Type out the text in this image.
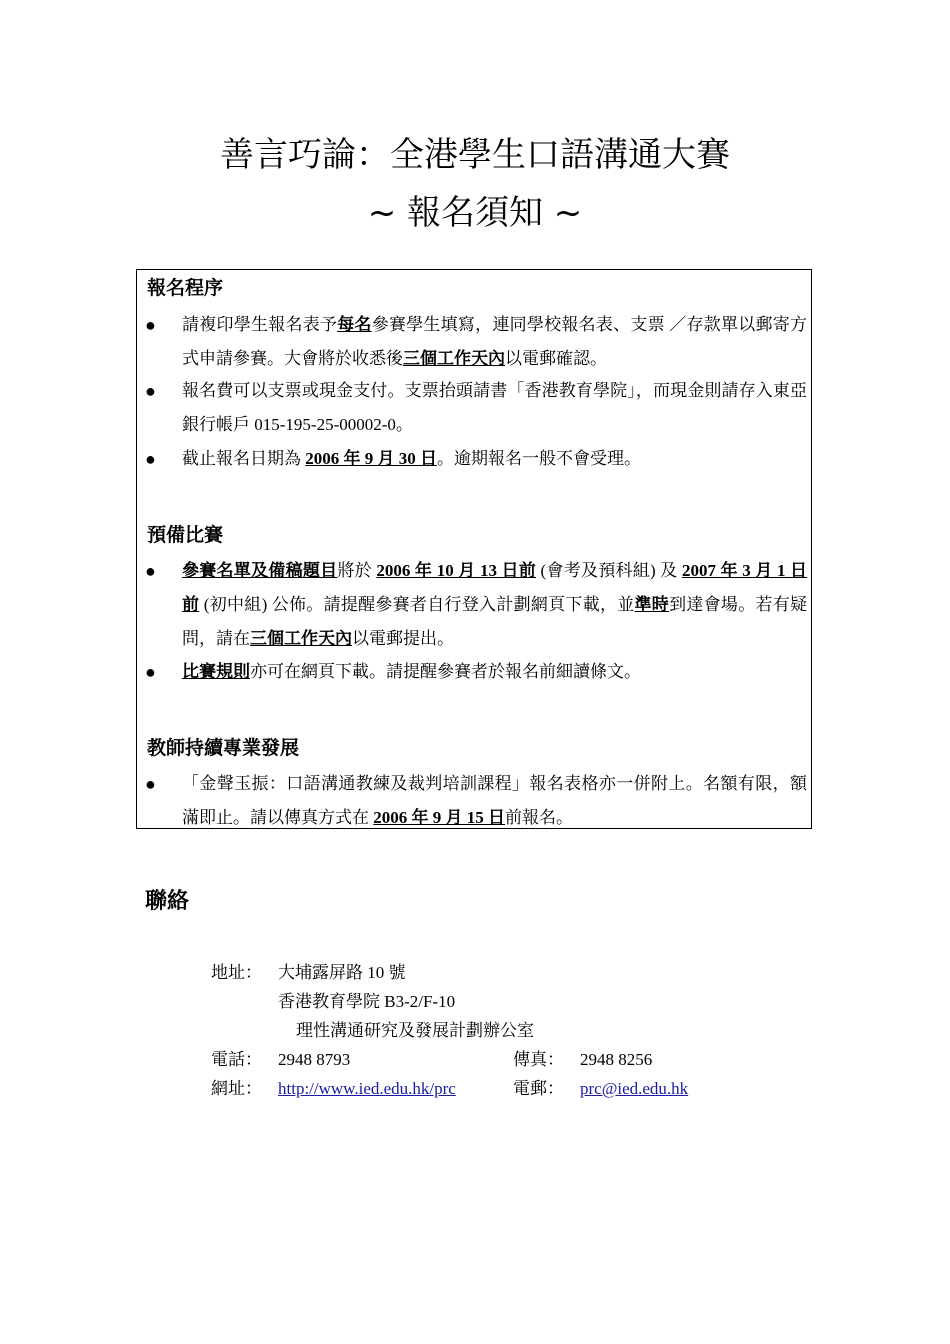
善言巧論：全港學生口語溝通大賽
~ 報名須知 ~
報名程序
● 請複印學生報名表予每名參賽學生填寫，連同學校報名表、支票 ／存款單以郵寄方式申請參賽。大會將於收悉後三個工作天內以電郵確認。
● 報名費可以支票或現金支付。支票抬頭請書「香港教育學院」，而現金則請存入東亞銀行帳戶 015-195-25-00002-0。
● 截止報名日期為 2006 年 9 月 30 日。逾期報名一般不會受理。
預備比賽
● 參賽名單及備稿題目將於 2006 年 10 月 13 日前 (會考及預科組) 及 2007 年 3 月 1 日前 (初中組) 公佈。請提醒參賽者自行登入計劃網頁下載，並準時到達會場。若有疑問，請在三個工作天內以電郵提出。
● 比賽規則亦可在網頁下載。請提醒參賽者於報名前細讀條文。
教師持續專業發展
● 「金聲玉振：口語溝通教練及裁判培訓課程」報名表格亦一併附上。名額有限，額滿即止。請以傳真方式在 2006 年 9 月 15 日前報名。
聯絡
地址： 大埔露屏路 10 號
香港教育學院 B3-2/F-10
理性溝通研究及發展計劃辦公室
電話： 2948 8793	傳真： 2948 8256
網址： http://www.ied.edu.hk/prc	電郵： prc@ied.edu.hk
